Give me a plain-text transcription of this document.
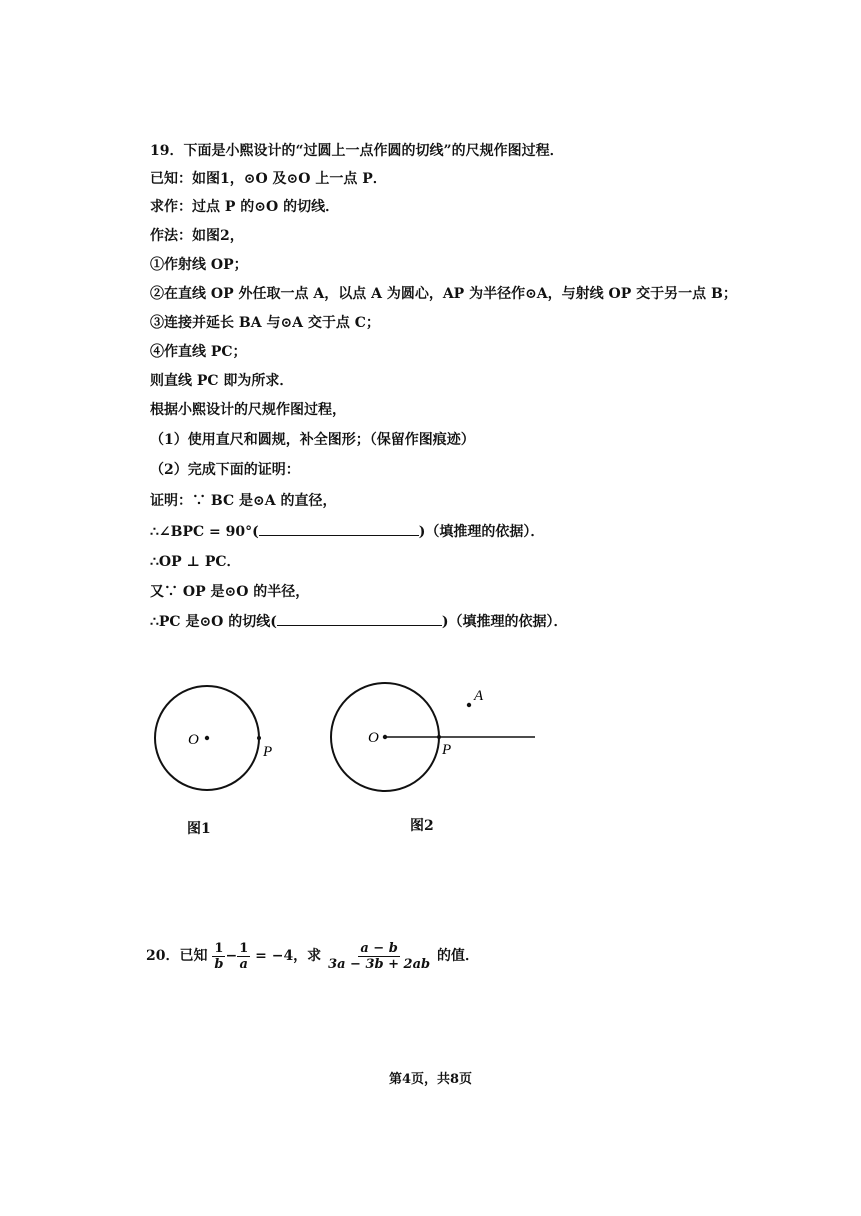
19．下面是小熙设计的“过圆上一点作圆的切线”的尺规作图过程．
已知：如图1，⊙O 及⊙O 上一点 P．
求作：过点 P 的⊙O 的切线．
作法：如图2，
①作射线 OP；
②在直线 OP 外任取一点 A，以点 A 为圆心，AP 为半径作⊙A，与射线 OP 交于另一点 B；
③连接并延长 BA 与⊙A 交于点 C；
④作直线 PC；
则直线 PC 即为所求．
根据小熙设计的尺规作图过程，
（1）使用直尺和圆规，补全图形；（保留作图痕迹）
（2）完成下面的证明：
证明：∵ BC 是⊙A 的直径，
∴∠BPC = 90°(	)（填推理的依据）．
∴OP ⊥ PC．
又∵ OP 是⊙O 的半径，
∴PC 是⊙O 的切线(	)（填推理的依据）．
O
P
图1
O
P
A
图2
20．已知 $\frac{1}{b} - \frac{1}{a} = -4$，求 $\frac{a - b}{3a - 3b + 2ab}$ 的值．
第4页，共8页
